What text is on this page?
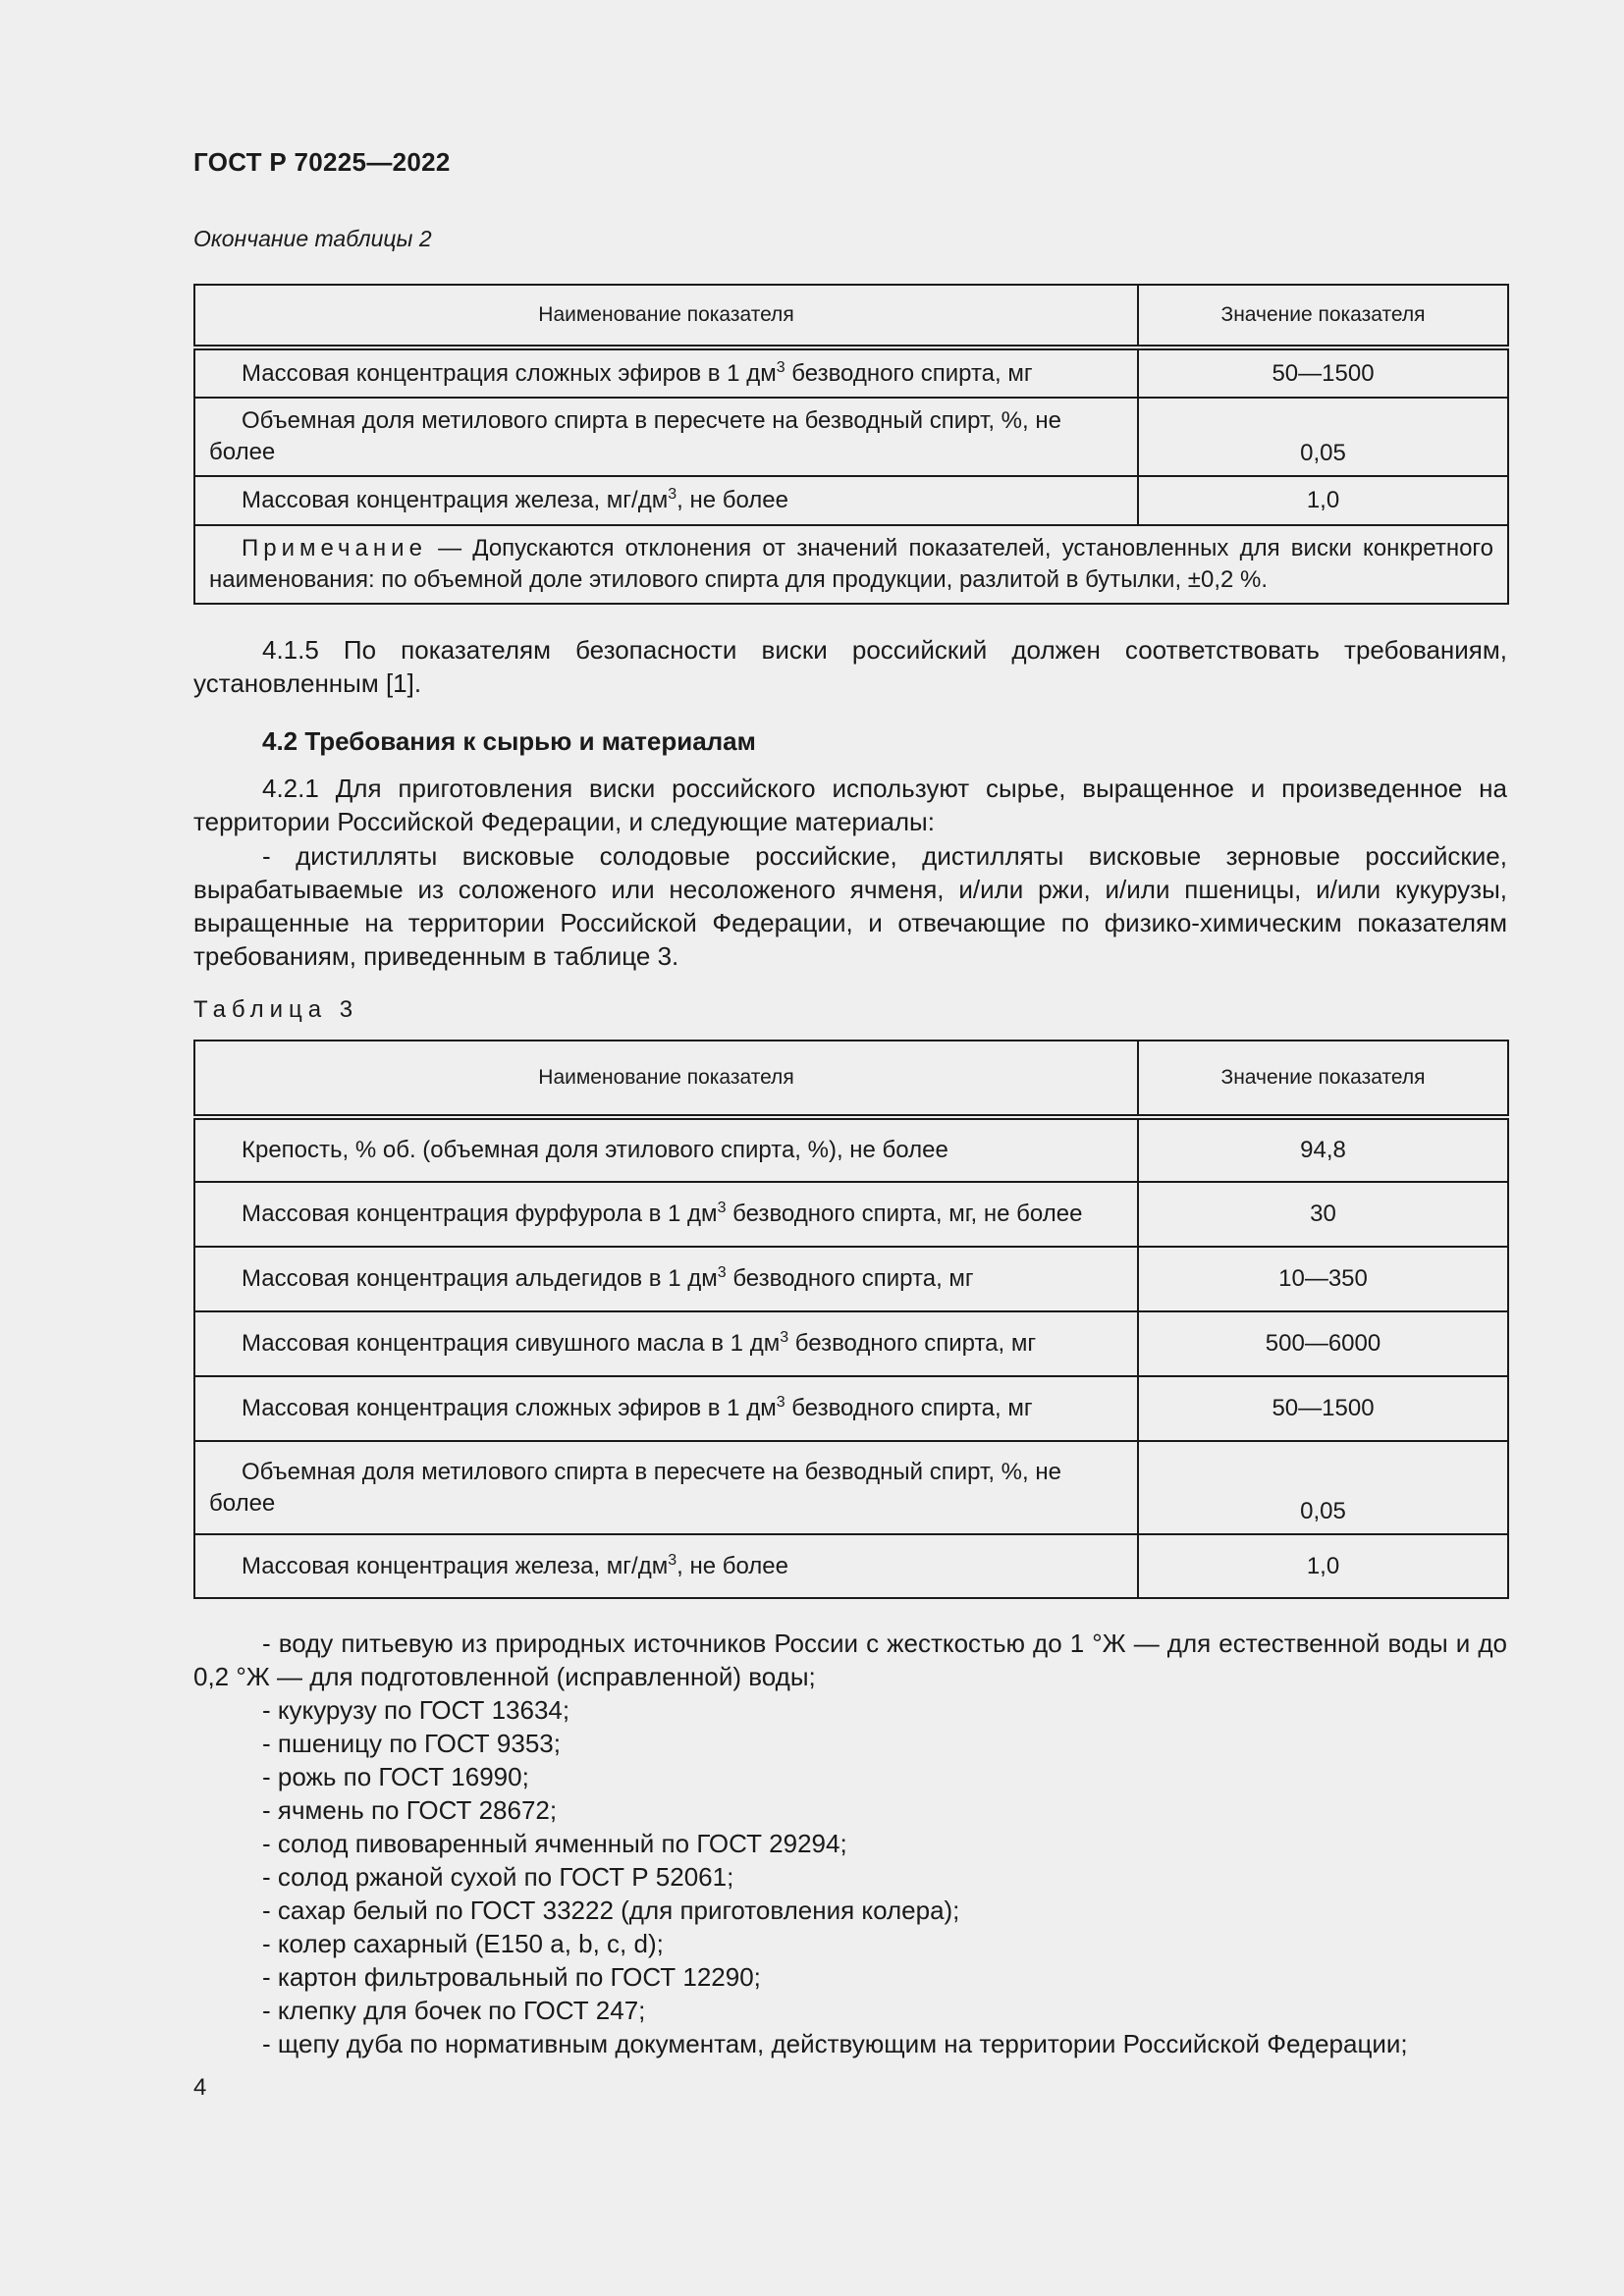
ГОСТ Р 70225—2022
Окончание таблицы 2
Наименование показателя	Значение показателя
Массовая концентрация сложных эфиров в 1 $дм^3$ безводного спирта, мг	50—1500
Объемная доля метилового спирта в пересчете на безводный спирт, %, не более	0,05
Массовая концентрация железа, $мг/дм^3$, не более	1,0
Примечание — Допускаются отклонения от значений показателей, установленных для виски конкретного наименования: по объемной доле этилового спирта для продукции, разлитой в бутылки, ±0,2 %.	
4.1.5 По показателям безопасности виски российский должен соответствовать требованиям, установленным [1].
4.2 Требования к сырью и материалам
4.2.1 Для приготовления виски российского используют сырье, выращенное и произведенное на территории Российской Федерации, и следующие материалы:
- дистилляты висковые солодовые российские, дистилляты висковые зерновые российские, вырабатываемые из соложеного или несоложеного ячменя, и/или ржи, и/или пшеницы, и/или кукурузы, выращенные на территории Российской Федерации, и отвечающие по физико-химическим показателям требованиям, приведенным в таблице 3.
Таблица 3
Наименование показателя	Значение показателя
Крепость, % об. (объемная доля этилового спирта, %), не более	94,8
Массовая концентрация фурфурола в 1 $дм^3$ безводного спирта, мг, не более	30
Массовая концентрация альдегидов в 1 $дм^3$ безводного спирта, мг	10—350
Массовая концентрация сивушного масла в 1 $дм^3$ безводного спирта, мг	500—6000
Массовая концентрация сложных эфиров в 1 $дм^3$ безводного спирта, мг	50—1500
Объемная доля метилового спирта в пересчете на безводный спирт, %, не более	0,05
Массовая концентрация железа, $мг/дм^3$, не более	1,0
- воду питьевую из природных источников России с жесткостью до 1 °Ж — для естественной воды и до 0,2 °Ж — для подготовленной (исправленной) воды;
- кукурузу по ГОСТ 13634;
- пшеницу по ГОСТ 9353;
- рожь по ГОСТ 16990;
- ячмень по ГОСТ 28672;
- солод пивоваренный ячменный по ГОСТ 29294;
- солод ржаной сухой по ГОСТ Р 52061;
- сахар белый по ГОСТ 33222 (для приготовления колера);
- колер сахарный (Е150 a, b, c, d);
- картон фильтровальный по ГОСТ 12290;
- клепку для бочек по ГОСТ 247;
- щепу дуба по нормативным документам, действующим на территории Российской Федерации;
4
